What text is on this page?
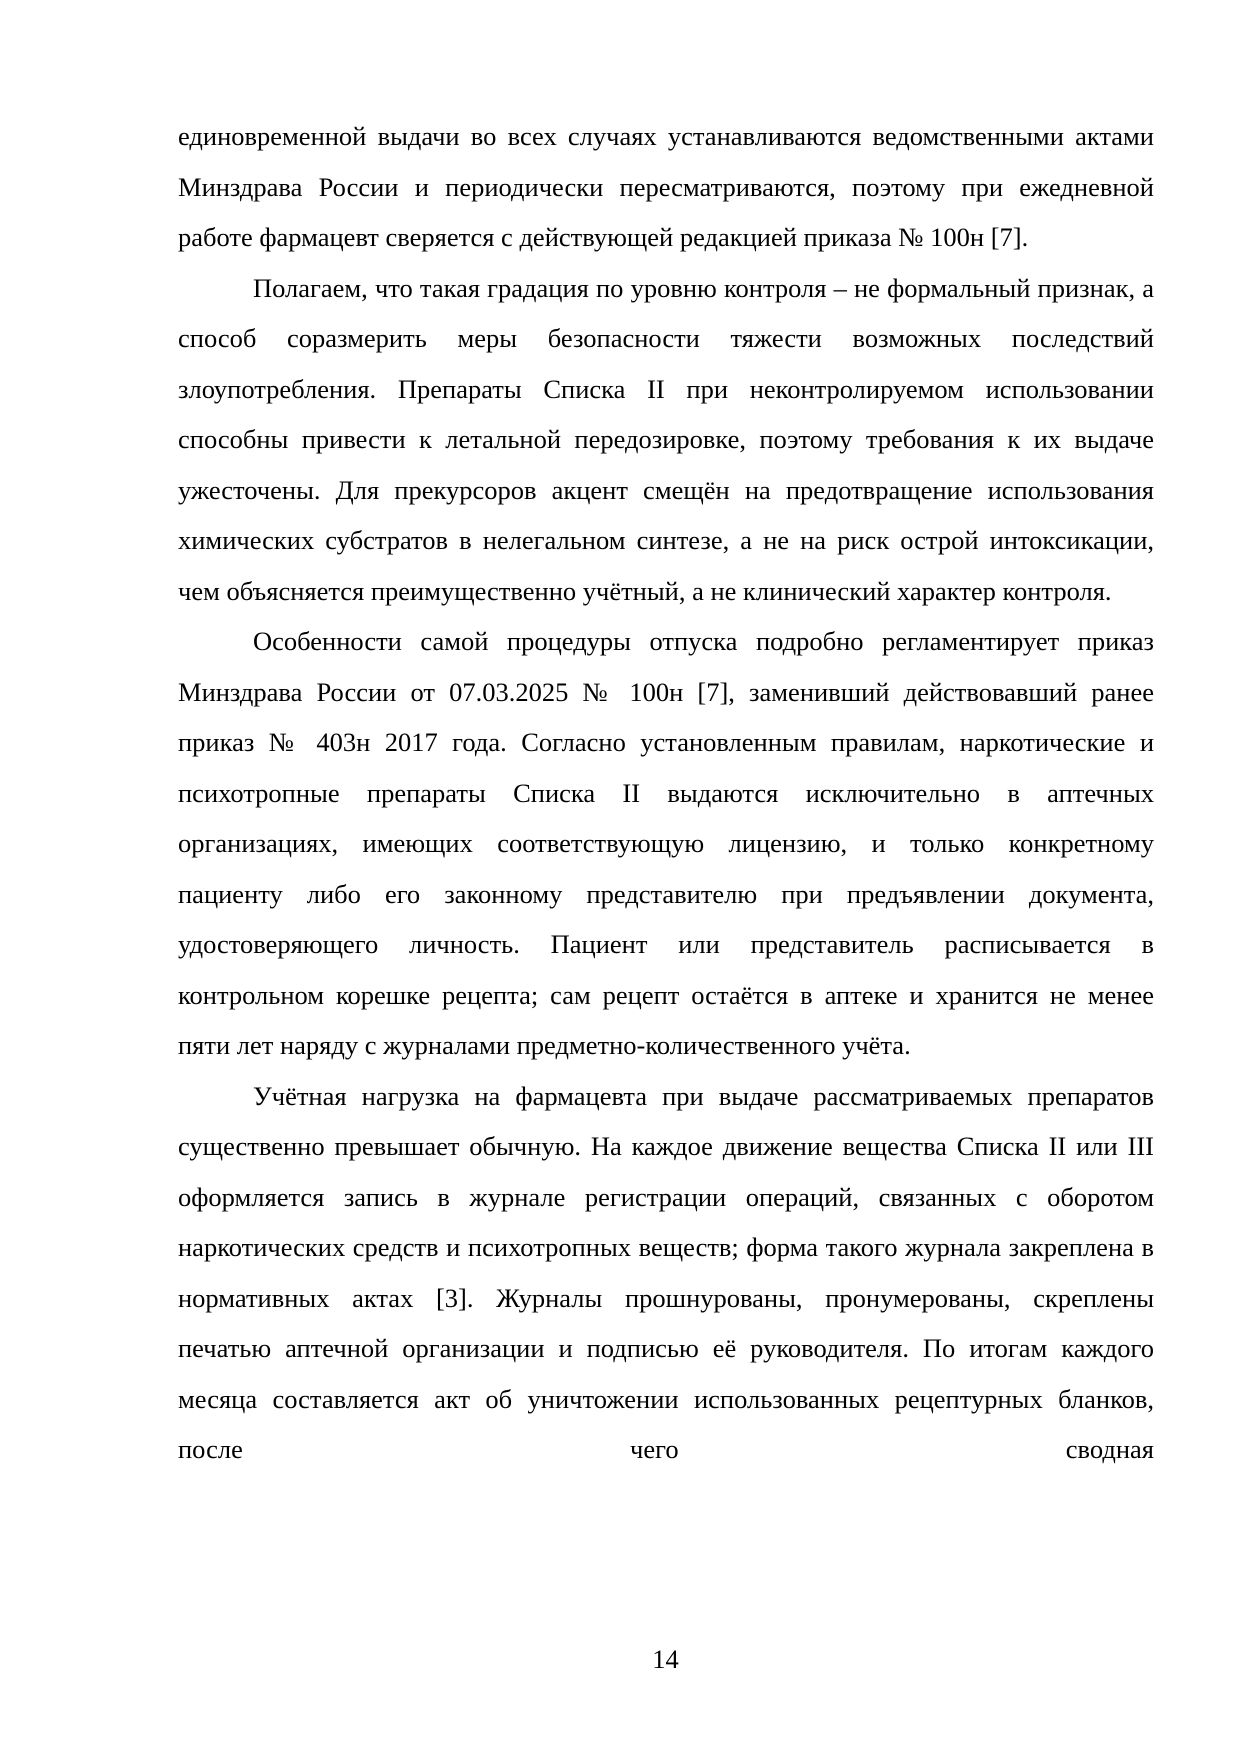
единовременной выдачи во всех случаях устанавливаются ведомственными актами Минздрава России и периодически пересматриваются, поэтому при ежедневной работе фармацевт сверяется с действующей редакцией приказа № 100н [7].

Полагаем, что такая градация по уровню контроля – не формальный признак, а способ соразмерить меры безопасности тяжести возможных последствий злоупотребления. Препараты Списка II при неконтролируемом использовании способны привести к летальной передозировке, поэтому требования к их выдаче ужесточены. Для прекурсоров акцент смещён на предотвращение использования химических субстратов в нелегальном синтезе, а не на риск острой интоксикации, чем объясняется преимущественно учётный, а не клинический характер контроля.

Особенности самой процедуры отпуска подробно регламентирует приказ Минздрава России от 07.03.2025 № 100н [7], заменивший действовавший ранее приказ № 403н 2017 года. Согласно установленным правилам, наркотические и психотропные препараты Списка II выдаются исключительно в аптечных организациях, имеющих соответствующую лицензию, и только конкретному пациенту либо его законному представителю при предъявлении документа, удостоверяющего личность. Пациент или представитель расписывается в контрольном корешке рецепта; сам рецепт остаётся в аптеке и хранится не менее пяти лет наряду с журналами предметно-количественного учёта.

Учётная нагрузка на фармацевта при выдаче рассматриваемых препаратов существенно превышает обычную. На каждое движение вещества Списка II или III оформляется запись в журнале регистрации операций, связанных с оборотом наркотических средств и психотропных веществ; форма такого журнала закреплена в нормативных актах [3]. Журналы прошнурованы, пронумерованы, скреплены печатью аптечной организации и подписью её руководителя. По итогам каждого месяца составляется акт об уничтожении использованных рецептурных бланков, после чего сводная

14
